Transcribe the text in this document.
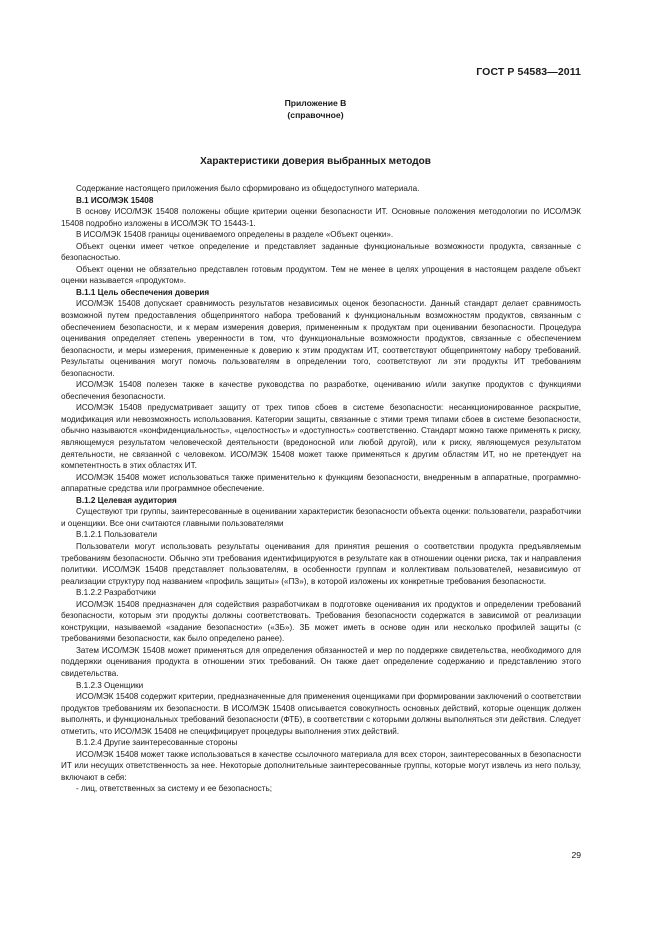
ГОСТ Р 54583—2011
Приложение В
(справочное)
Характеристики доверия выбранных методов
Содержание настоящего приложения было сформировано из общедоступного материала.
В.1 ИСО/МЭК 15408
В основу ИСО/МЭК 15408 положены общие критерии оценки безопасности ИТ. Основные положения методологии по ИСО/МЭК 15408 подробно изложены в ИСО/МЭК ТО 15443-1.
В ИСО/МЭК 15408 границы оцениваемого определены в разделе «Объект оценки».
Объект оценки имеет четкое определение и представляет заданные функциональные возможности продукта, связанные с безопасностью.
Объект оценки не обязательно представлен готовым продуктом. Тем не менее в целях упрощения в настоящем разделе объект оценки называется «продуктом».
В.1.1 Цель обеспечения доверия
ИСО/МЭК 15408 допускает сравнимость результатов независимых оценок безопасности. Данный стандарт делает сравнимость возможной путем предоставления общепринятого набора требований к функциональным возможностям продуктов, связанным с обеспечением безопасности, и к мерам измерения доверия, примененным к продуктам при оценивании безопасности. Процедура оценивания определяет степень уверенности в том, что функциональные возможности продуктов, связанные с обеспечением безопасности, и меры измерения, примененные к доверию к этим продуктам ИТ, соответствуют общепринятому набору требований. Результаты оценивания могут помочь пользователям в определении того, соответствуют ли эти продукты ИТ требованиям безопасности.
ИСО/МЭК 15408 полезен также в качестве руководства по разработке, оцениванию и/или закупке продуктов с функциями обеспечения безопасности.
ИСО/МЭК 15408 предусматривает защиту от трех типов сбоев в системе безопасности: несанкционированное раскрытие, модификация или невозможность использования. Категории защиты, связанные с этими тремя типами сбоев в системе безопасности, обычно называются «конфиденциальность», «целостность» и «доступность» соответственно. Стандарт можно также применять к риску, являющемуся результатом человеческой деятельности (вредоносной или любой другой), или к риску, являющемуся результатом деятельности, не связанной с человеком. ИСО/МЭК 15408 может также применяться к другим областям ИТ, но не претендует на компетентность в этих областях ИТ.
ИСО/МЭК 15408 может использоваться также применительно к функциям безопасности, внедренным в аппаратные, программно-аппаратные средства или программное обеспечение.
В.1.2 Целевая аудитория
Существуют три группы, заинтересованные в оценивании характеристик безопасности объекта оценки: пользователи, разработчики и оценщики. Все они считаются главными пользователями
В.1.2.1 Пользователи
Пользователи могут использовать результаты оценивания для принятия решения о соответствии продукта предъявляемым требованиям безопасности. Обычно эти требования идентифицируются в результате как в отношении оценки риска, так и направления политики. ИСО/МЭК 15408 представляет пользователям, в особенности группам и коллективам пользователей, независимую от реализации структуру под названием «профиль защиты» («ПЗ»), в которой изложены их конкретные требования безопасности.
В.1.2.2 Разработчики
ИСО/МЭК 15408 предназначен для содействия разработчикам в подготовке оценивания их продуктов и определении требований безопасности, которым эти продукты должны соответствовать. Требования безопасности содержатся в зависимой от реализации конструкции, называемой «задание безопасности» («ЗБ»). ЗБ может иметь в основе один или несколько профилей защиты (с требованиями безопасности, как было определено ранее).
Затем ИСО/МЭК 15408 может применяться для определения обязанностей и мер по поддержке свидетельства, необходимого для поддержки оценивания продукта в отношении этих требований. Он также дает определение содержанию и представлению этого свидетельства.
В.1.2.3 Оценщики
ИСО/МЭК 15408 содержит критерии, предназначенные для применения оценщиками при формировании заключений о соответствии продуктов требованиям их безопасности. В ИСО/МЭК 15408 описывается совокупность основных действий, которые оценщик должен выполнять, и функциональных требований безопасности (ФТБ), в соответствии с которыми должны выполняться эти действия. Следует отметить, что ИСО/МЭК 15408 не специфицирует процедуры выполнения этих действий.
В.1.2.4 Другие заинтересованные стороны
ИСО/МЭК 15408 может также использоваться в качестве ссылочного материала для всех сторон, заинтересованных в безопасности ИТ или несущих ответственность за нее. Некоторые дополнительные заинтересованные группы, которые могут извлечь из него пользу, включают в себя:
- лиц, ответственных за систему и ее безопасность;
29
